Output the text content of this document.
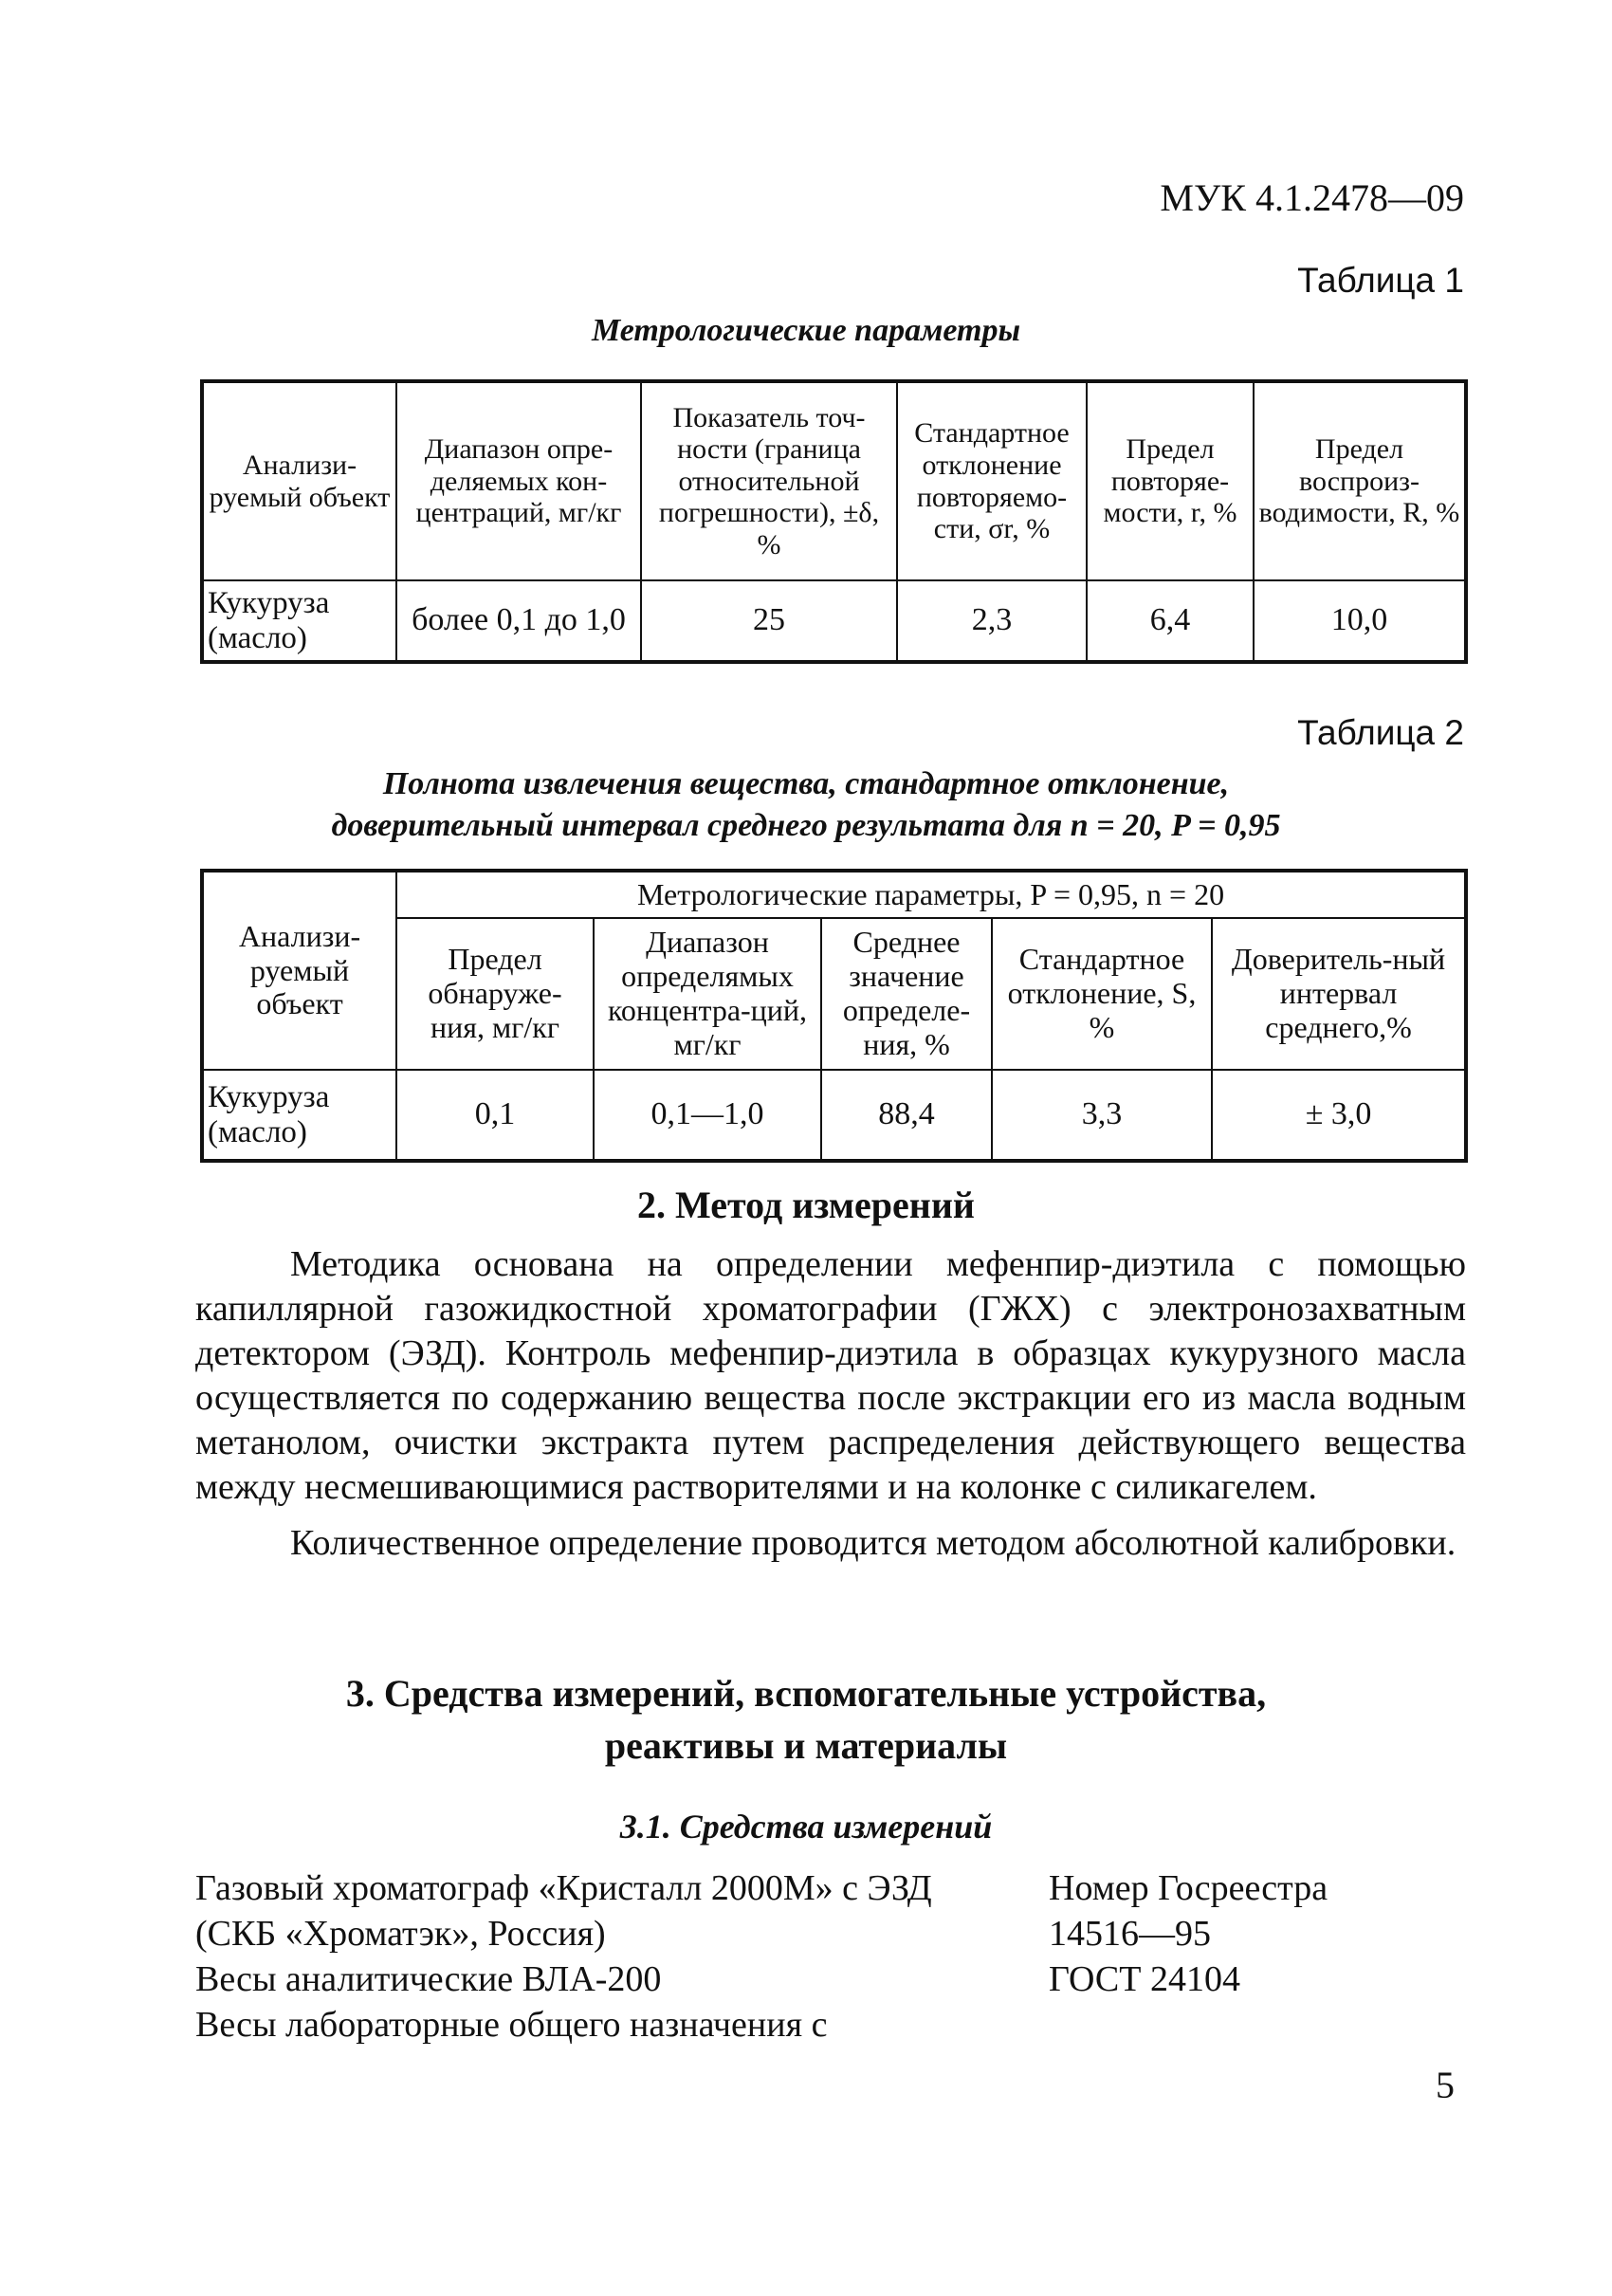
МУК 4.1.2478—09
Таблица 1
Метрологические параметры
Анализи-руемый объект	Диапазон опре-деляемых кон-центраций, мг/кг	Показатель точ-ности (граница относительной погрешности), ±δ, %	Стандартное отклонение повторяемо-сти, σr, %	Предел повторяе-мости, r, %	Предел воспроиз-водимости, R, %
Кукуруза (масло)	более 0,1 до 1,0	25	2,3	6,4	10,0
Таблица 2
Полнота извлечения вещества, стандартное отклонение,
доверительный интервал среднего результата для n = 20, P = 0,95
Анализи-руемый объект	Метрологические параметры, P = 0,95, n = 20				
	Предел обнаруже-ния, мг/кг	Диапазон определямых концентра-ций, мг/кг	Среднее значение определе-ния, %	Стандартное отклонение, S, %	Доверитель-ный интервал среднего,%
Кукуруза (масло)	0,1	0,1—1,0	88,4	3,3	± 3,0
2. Метод измерений

Методика основана на определении мефенпир-диэтила с помощью капиллярной газожидкостной хроматографии (ГЖХ) с электронозахватным детектором (ЭЗД). Контроль мефенпир-диэтила в образцах кукурузного масла осуществляется по содержанию вещества после экстракции его из масла водным метанолом, очистки экстракта путем распределения действующего вещества между несмешивающимися растворителями и на колонке с силикагелем.

Количественное определение проводится методом абсолютной калибровки.

3. Средства измерений, вспомогательные устройства,
реактивы и материалы
3.1. Средства измерений
Газовый хроматограф «Кристалл 2000М» с ЭЗД	Номер Госреестра
(СКБ «Хроматэк», Россия)	14516—95
Весы аналитические ВЛА-200	ГОСТ 24104
Весы лабораторные общего назначения с
5
